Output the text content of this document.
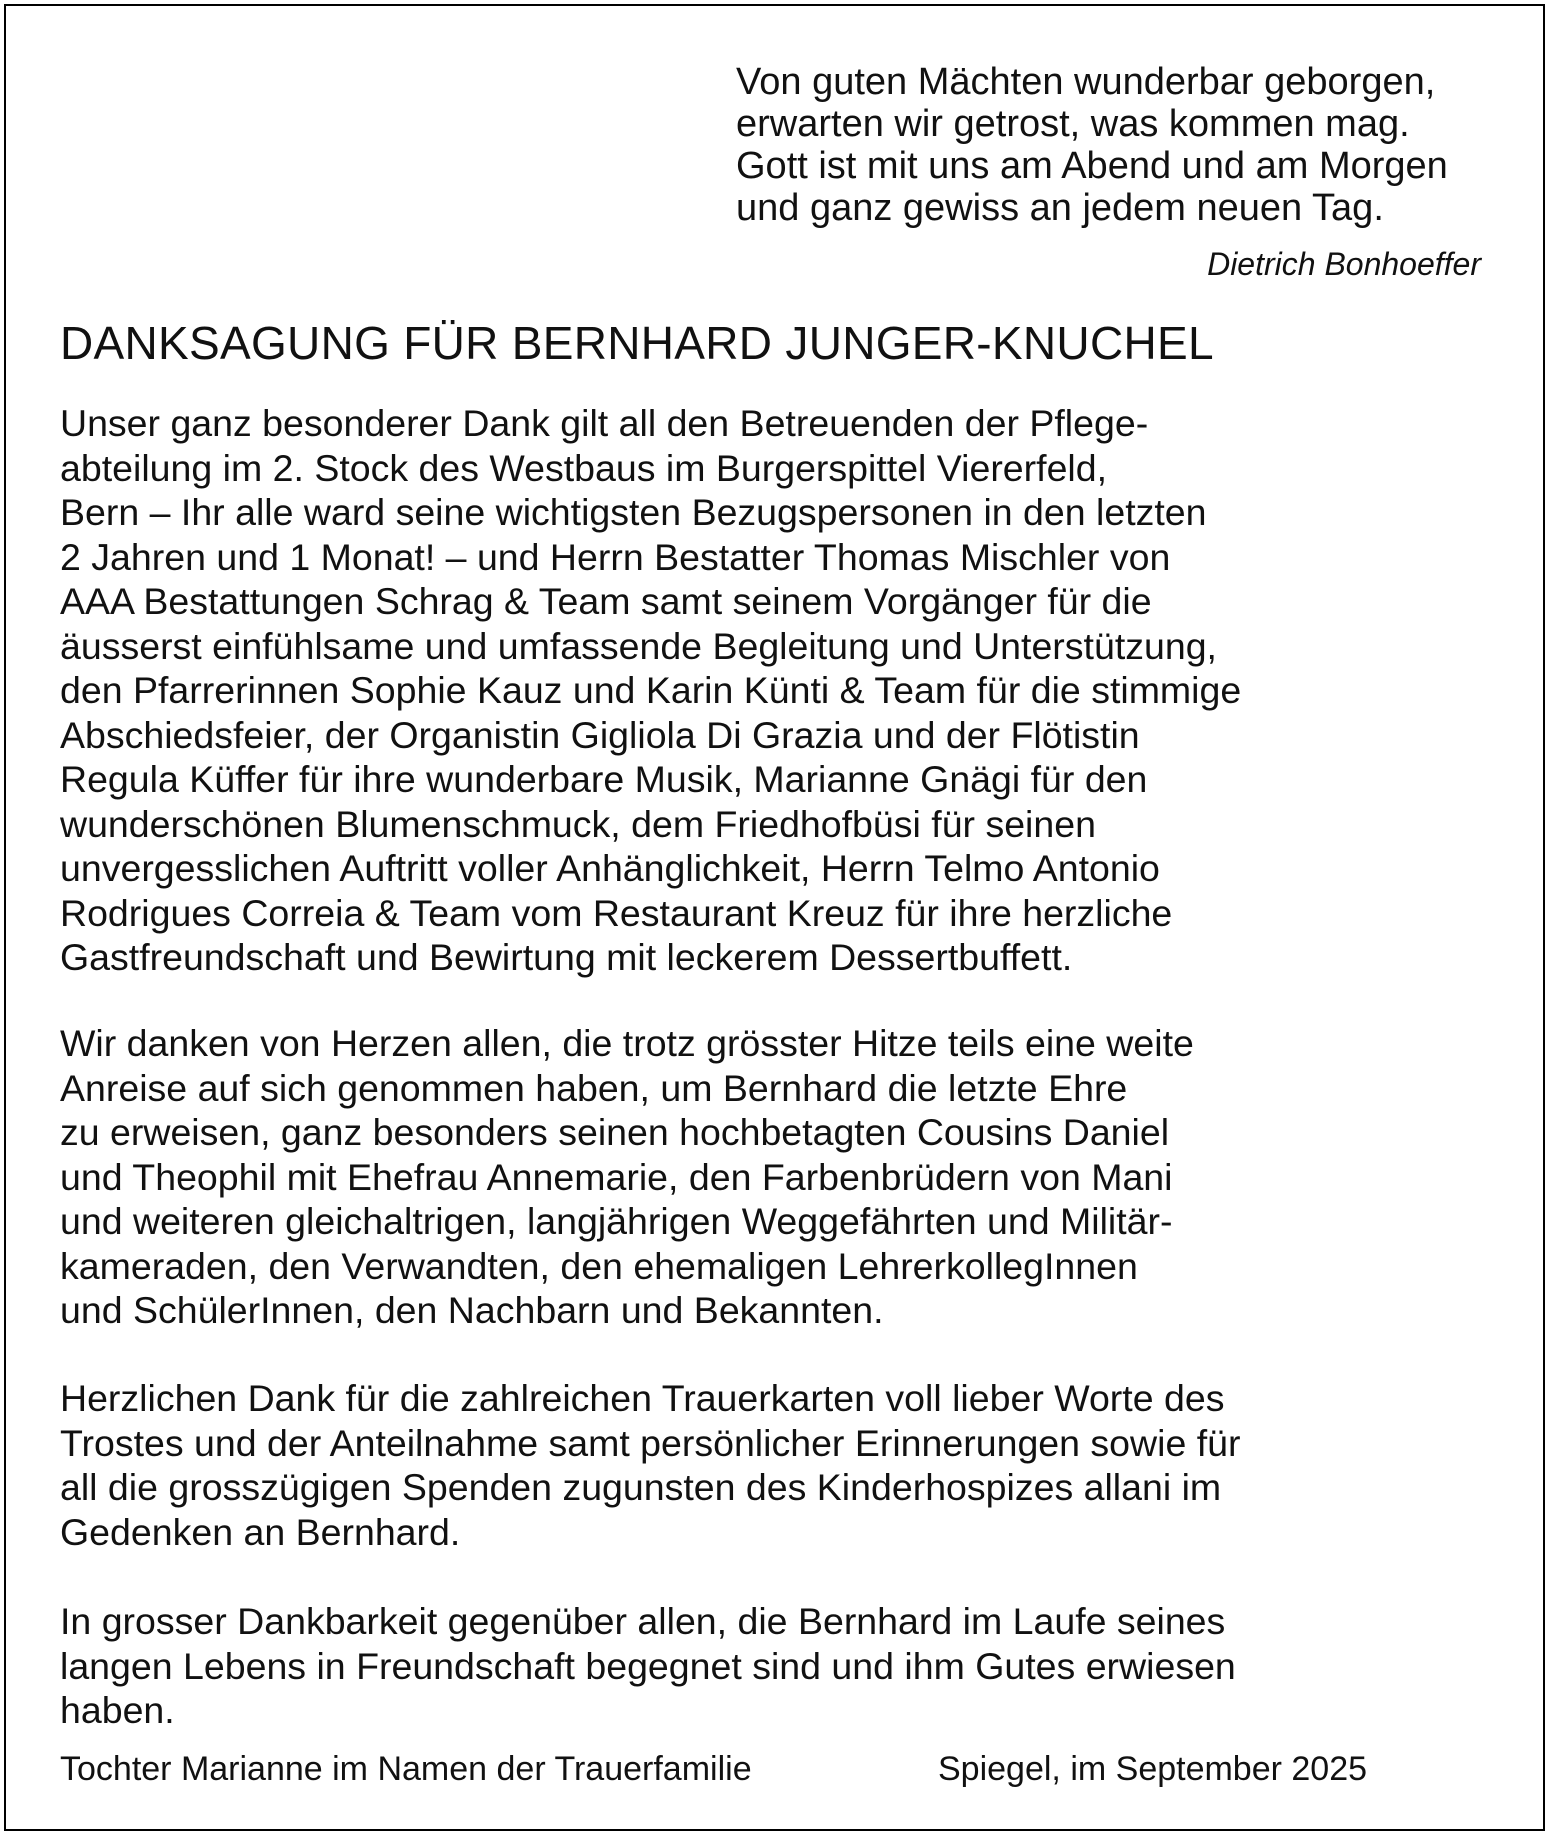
Von guten Mächten wunderbar geborgen,
erwarten wir getrost, was kommen mag.
Gott ist mit uns am Abend und am Morgen
und ganz gewiss an jedem neuen Tag.
Dietrich Bonhoeffer
DANKSAGUNG FÜR BERNHARD JUNGER-KNUCHEL
Unser ganz besonderer Dank gilt all den Betreuenden der Pflege-
abteilung im 2. Stock des Westbaus im Burgerspittel Viererfeld,
Bern – Ihr alle ward seine wichtigsten Bezugspersonen in den letzten
2 Jahren und 1 Monat! – und Herrn Bestatter Thomas Mischler von
AAA Bestattungen Schrag & Team samt seinem Vorgänger für die
äusserst einfühlsame und umfassende Begleitung und Unterstützung,
den Pfarrerinnen Sophie Kauz und Karin Künti & Team für die stimmige
Abschiedsfeier, der Organistin Gigliola Di Grazia und der Flötistin
Regula Küffer für ihre wunderbare Musik, Marianne Gnägi für den
wunderschönen Blumenschmuck, dem Friedhofbüsi für seinen
unvergesslichen Auftritt voller Anhänglichkeit, Herrn Telmo Antonio
Rodrigues Correia & Team vom Restaurant Kreuz für ihre herzliche
Gastfreundschaft und Bewirtung mit leckerem Dessertbuffett.
Wir danken von Herzen allen, die trotz grösster Hitze teils eine weite
Anreise auf sich genommen haben, um Bernhard die letzte Ehre
zu erweisen, ganz besonders seinen hochbetagten Cousins Daniel
und Theophil mit Ehefrau Annemarie, den Farbenbrüdern von Mani
und weiteren gleichaltrigen, langjährigen Weggefährten und Militär-
kameraden, den Verwandten, den ehemaligen LehrerkollegInnen
und SchülerInnen, den Nachbarn und Bekannten.
Herzlichen Dank für die zahlreichen Trauerkarten voll lieber Worte des
Trostes und der Anteilnahme samt persönlicher Erinnerungen sowie für
all die grosszügigen Spenden zugunsten des Kinderhospizes allani im
Gedenken an Bernhard.
In grosser Dankbarkeit gegenüber allen, die Bernhard im Laufe seines
langen Lebens in Freundschaft begegnet sind und ihm Gutes erwiesen
haben.
Tochter Marianne im Namen der Trauerfamilie	Spiegel, im September 2025
